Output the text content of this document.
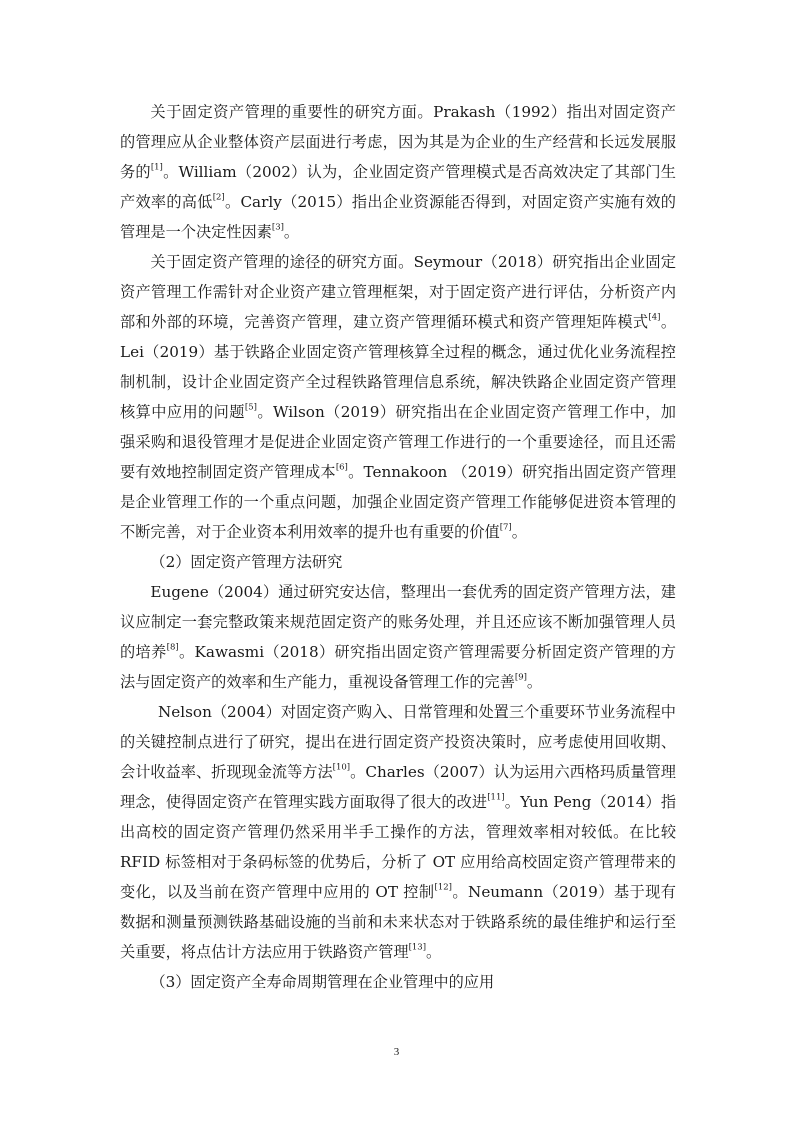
关于固定资产管理的重要性的研究方面。Prakash（1992）指出对固定资产的管理应从企业整体资产层面进行考虑，因为其是为企业的生产经营和长远发展服务的[1]。William（2002）认为，企业固定资产管理模式是否高效决定了其部门生产效率的高低[2]。Carly（2015）指出企业资源能否得到，对固定资产实施有效的管理是一个决定性因素[3]。

关于固定资产管理的途径的研究方面。Seymour（2018）研究指出企业固定资产管理工作需针对企业资产建立管理框架，对于固定资产进行评估，分析资产内部和外部的环境，完善资产管理，建立资产管理循环模式和资产管理矩阵模式[4]。Lei（2019）基于铁路企业固定资产管理核算全过程的概念，通过优化业务流程控制机制，设计企业固定资产全过程铁路管理信息系统，解决铁路企业固定资产管理核算中应用的问题[5]。Wilson（2019）研究指出在企业固定资产管理工作中，加强采购和退役管理才是促进企业固定资产管理工作进行的一个重要途径，而且还需要有效地控制固定资产管理成本[6]。Tennakoon （2019）研究指出固定资产管理是企业管理工作的一个重点问题，加强企业固定资产管理工作能够促进资本管理的不断完善，对于企业资本利用效率的提升也有重要的价值[7]。

（2）固定资产管理方法研究

Eugene（2004）通过研究安达信，整理出一套优秀的固定资产管理方法，建议应制定一套完整政策来规范固定资产的账务处理，并且还应该不断加强管理人员的培养[8]。Kawasmi（2018）研究指出固定资产管理需要分析固定资产管理的方法与固定资产的效率和生产能力，重视设备管理工作的完善[9]。

Nelson（2004）对固定资产购入、日常管理和处置三个重要环节业务流程中的关键控制点进行了研究，提出在进行固定资产投资决策时，应考虑使用回收期、会计收益率、折现现金流等方法[10]。Charles（2007）认为运用六西格玛质量管理理念，使得固定资产在管理实践方面取得了很大的改进[11]。Yun Peng（2014）指出高校的固定资产管理仍然采用半手工操作的方法，管理效率相对较低。在比较 RFID 标签相对于条码标签的优势后，分析了 OT 应用给高校固定资产管理带来的变化，以及当前在资产管理中应用的 OT 控制[12]。Neumann（2019）基于现有数据和测量预测铁路基础设施的当前和未来状态对于铁路系统的最佳维护和运行至关重要，将点估计方法应用于铁路资产管理[13]。

（3）固定资产全寿命周期管理在企业管理中的应用

3
